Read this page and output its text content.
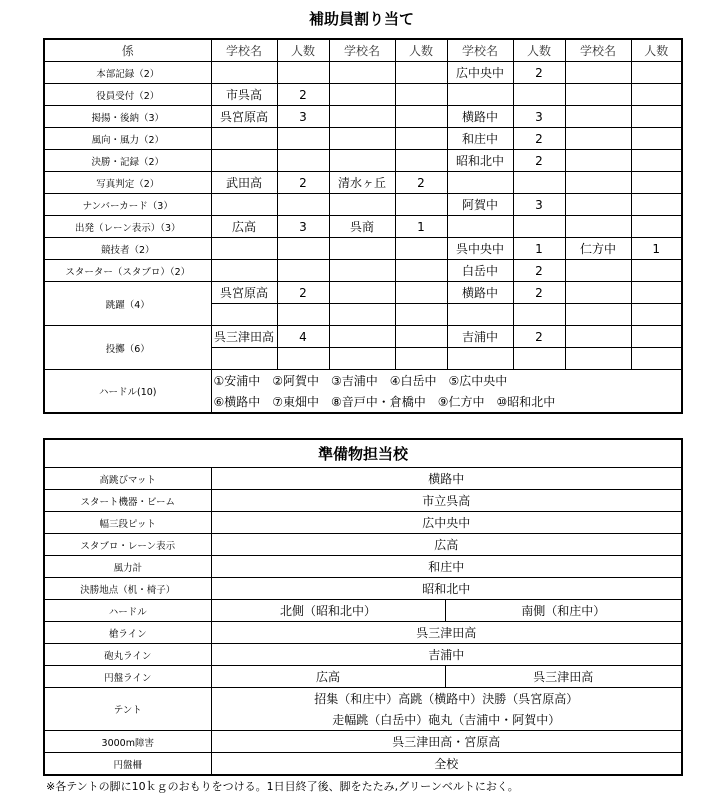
補助員割り当て
係	学校名	人数	学校名	人数	学校名	人数	学校名	人数
本部記録（2）					広中央中	2		
役員受付（2）	市呉高	2						
掲揚・後納（3）	呉宮原高	3			横路中	3		
風向・風力（2）					和庄中	2		
決勝・記録（2）					昭和北中	2		
写真判定（2）	武田高	2	清水ヶ丘	2				
ナンバーカード（3）					阿賀中	3		
出発（レーン表示）（3）	広高	3	呉商	1				
競技者（2）					呉中央中	1	仁方中	1
スターター（スタブロ）（2）					白岳中	2		
跳躍（4）	呉宮原高	2			横路中	2		

投擲（6）	呉三津田高	4			吉浦中	2		

ハードル(10)	①安浦中　②阿賀中　③吉浦中　④白岳中　⑤広中央中							
	⑥横路中　⑦東畑中　⑧音戸中・倉橋中　⑨仁方中　⑩昭和北中							
準備物担当校		
高跳びマット	横路中	
スタート機器・ビーム	市立呉高	
幅三段ピット	広中央中	
スタブロ・レーン表示	広高	
風力計	和庄中	
決勝地点（机・椅子）	昭和北中	
ハードル	北側（昭和北中）	南側（和庄中）
槍ライン	呉三津田高	
砲丸ライン	吉浦中	
円盤ライン	広高	呉三津田高
テント	招集（和庄中）高跳（横路中）決勝（呉宮原高）	
	走幅跳（白岳中）砲丸（吉浦中・阿賀中）	
3000m障害	呉三津田高・宮原高	
円盤柵	全校	
※各テントの脚に10ｋｇのおもりをつける。1日目終了後、脚をたたみ,グリーンベルトにおく。
